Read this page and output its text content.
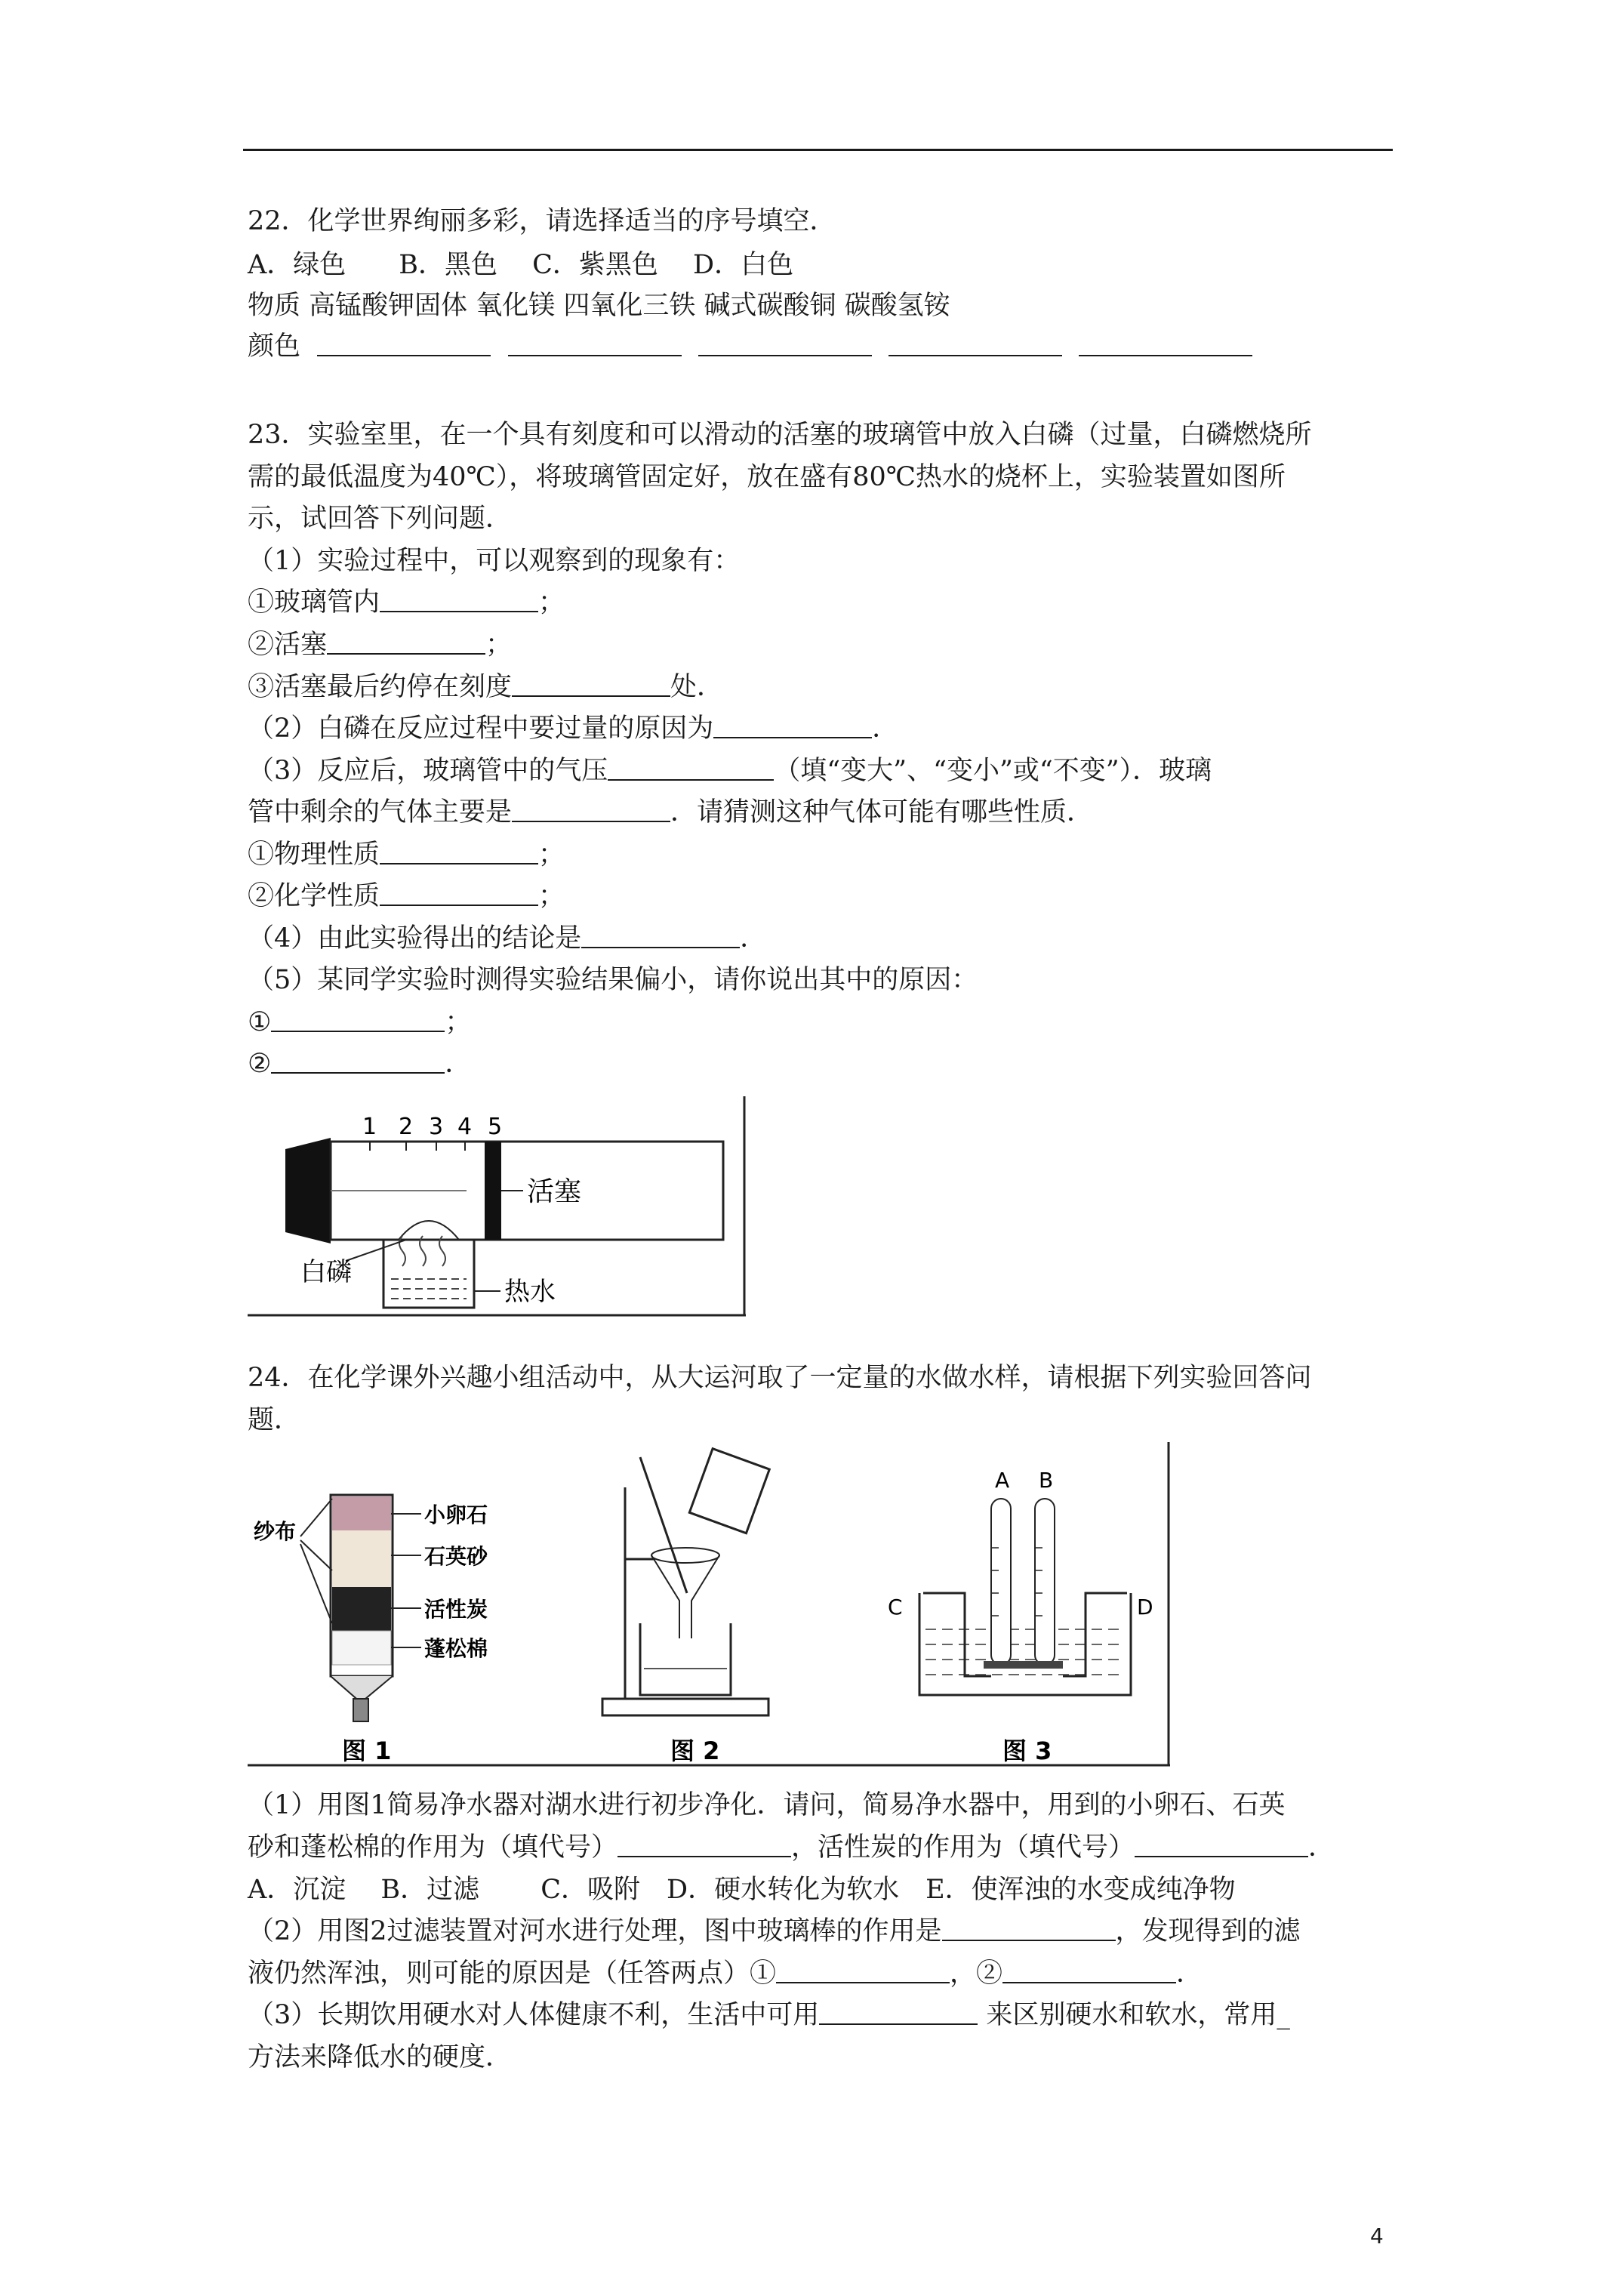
22．化学世界绚丽多彩，请选择适当的序号填空．
A．绿色　　B．黑色　 C．紫黑色　 D．白色
物质 高锰酸钾固体 氧化镁 四氧化三铁 碱式碳酸铜 碳酸氢铵
颜色
23．实验室里，在一个具有刻度和可以滑动的活塞的玻璃管中放入白磷（过量，白磷燃烧所
需的最低温度为40℃），将玻璃管固定好，放在盛有80℃热水的烧杯上，实验装置如图所
示，试回答下列问题．
（1）实验过程中，可以观察到的现象有：
①玻璃管内	；
②活塞	；
③活塞最后约停在刻度	处．
（2）白磷在反应过程中要过量的原因为	．
（3）反应后，玻璃管中的气压	（填“变大”、“变小”或“不变”）．玻璃
管中剩余的气体主要是	．请猜测这种气体可能有哪些性质．
①物理性质	；
②化学性质	；
（4）由此实验得出的结论是	．
（5）某同学实验时测得实验结果偏小，请你说出其中的原因：
①	；
②	．
1 2 3 4 5
活塞
白磷
热水
24．在化学课外兴趣小组活动中，从大运河取了一定量的水做水样，请根据下列实验回答问
题．
小卵石
石英砂
活性炭
蓬松棉
纱布
图 1	图 2
A B
C	D
图 3
（1）用图1简易净水器对湖水进行初步净化．请问，简易净水器中，用到的小卵石、石英
砂和蓬松棉的作用为（填代号）	，活性炭的作用为（填代号）	．
A．沉淀　 B．过滤　　 C．吸附　D．硬水转化为软水　E．使浑浊的水变成纯净物
（2）用图2过滤装置对河水进行处理，图中玻璃棒的作用是	，发现得到的滤
液仍然浑浊，则可能的原因是（任答两点）①	，②	．
（3）长期饮用硬水对人体健康不利，生活中可用	来区别硬水和软水，常用_
方法来降低水的硬度．
4
